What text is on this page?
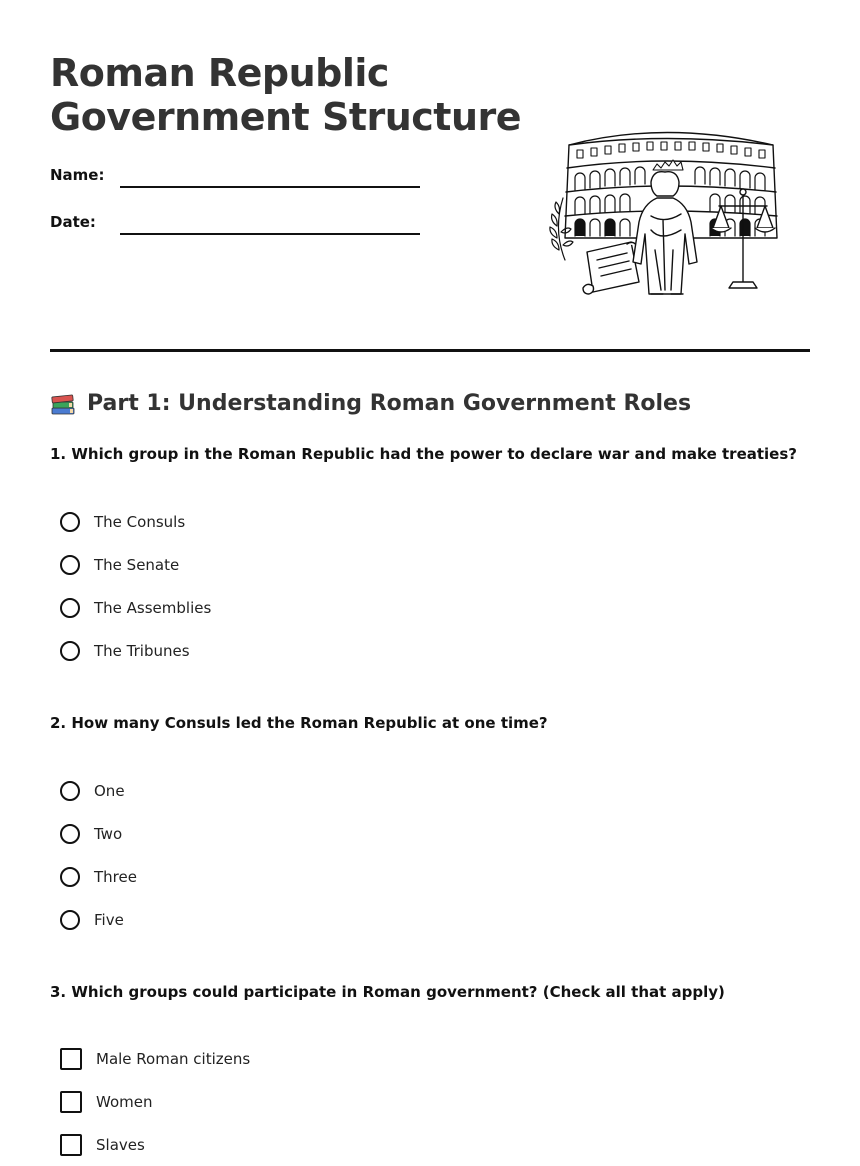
Roman Republic
Government Structure
Name:
Date:
Part 1: Understanding Roman Government Roles

1. Which group in the Roman Republic had the power to declare war and make treaties?

The Consuls
The Senate
The Assemblies
The Tribunes

2. How many Consuls led the Roman Republic at one time?

One
Two
Three
Five

3. Which groups could participate in Roman government? (Check all that apply)

Male Roman citizens
Women
Slaves
